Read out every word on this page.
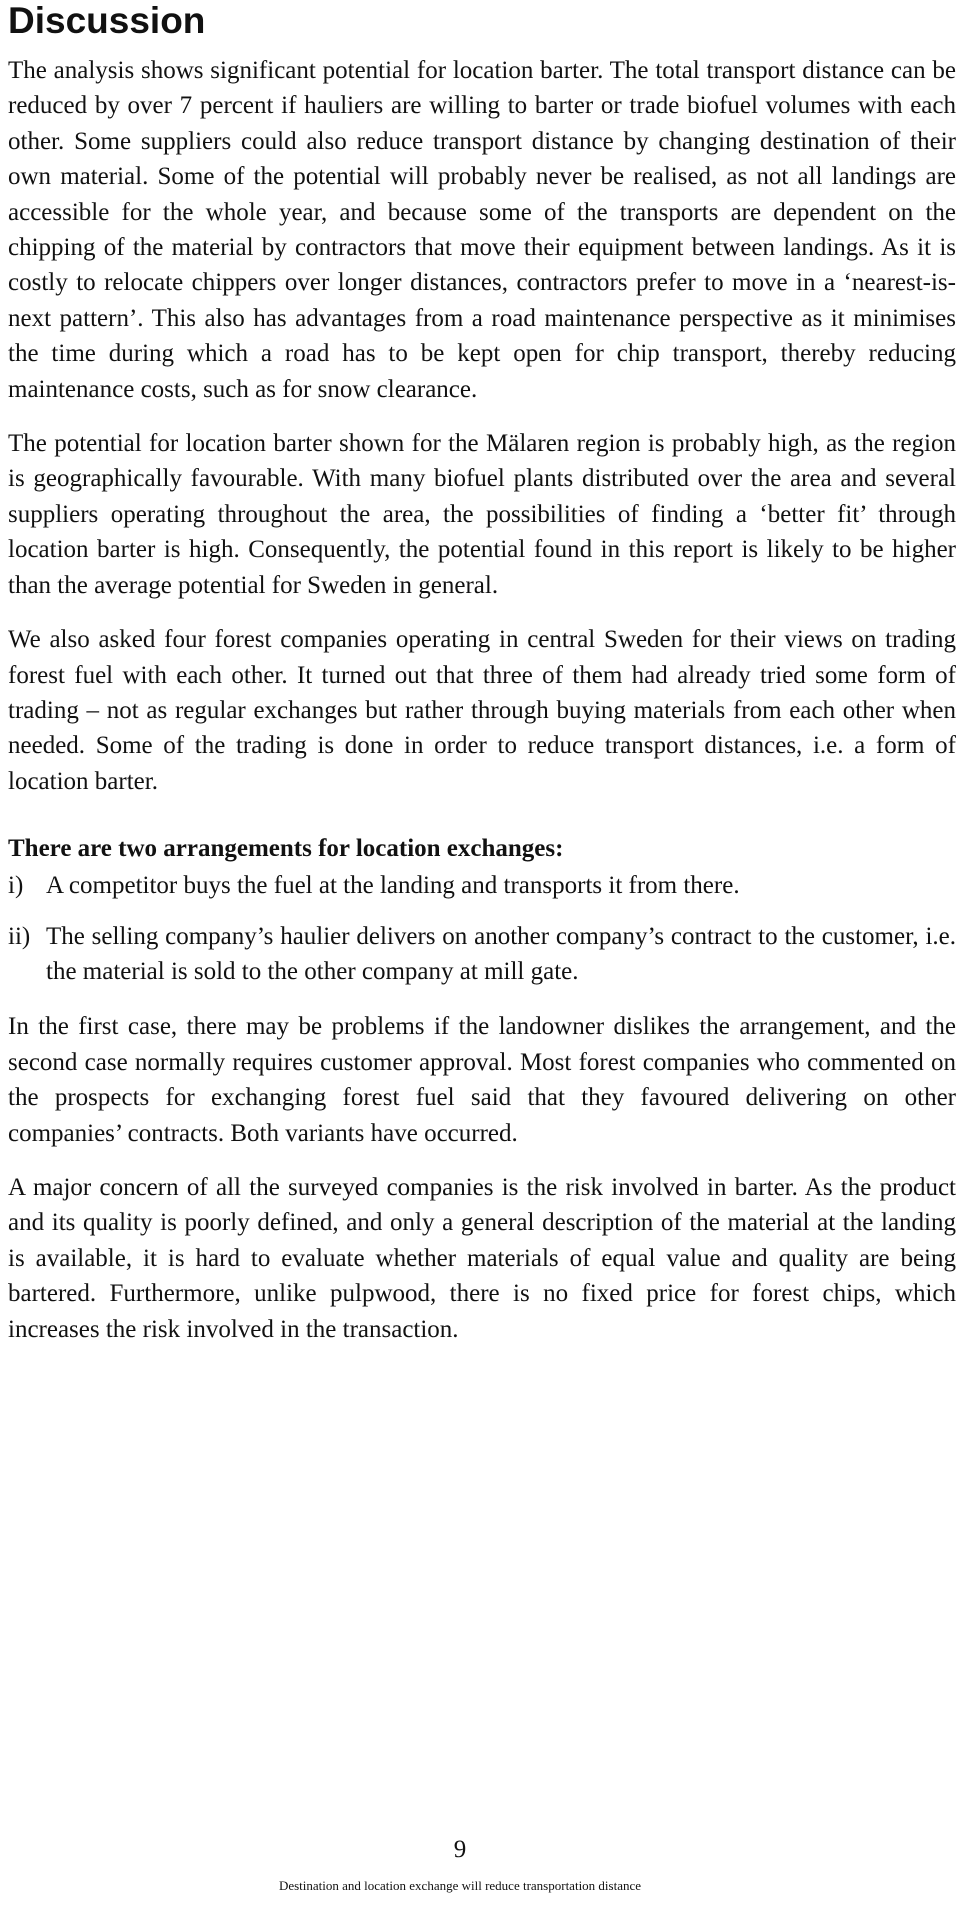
Discussion

The analysis shows significant potential for location barter. The total transport distance can be reduced by over 7 percent if hauliers are willing to barter or trade biofuel volumes with each other. Some suppliers could also reduce transport distance by changing destination of their own material. Some of the potential will probably never be realised, as not all landings are accessible for the whole year, and because some of the transports are dependent on the chipping of the material by contractors that move their equipment between landings. As it is costly to relocate chippers over longer distances, contractors prefer to move in a ‘nearest-is-next pattern’. This also has advantages from a road maintenance perspective as it minimises the time during which a road has to be kept open for chip transport, thereby reducing maintenance costs, such as for snow clearance.

The potential for location barter shown for the Mälaren region is probably high, as the region is geographically favourable. With many biofuel plants distributed over the area and several suppliers operating throughout the area, the possibilities of finding a ‘better fit’ through location barter is high. Consequently, the potential found in this report is likely to be higher than the average potential for Sweden in general.

We also asked four forest companies operating in central Sweden for their views on trading forest fuel with each other. It turned out that three of them had already tried some form of trading – not as regular exchanges but rather through buying materials from each other when needed. Some of the trading is done in order to reduce transport distances, i.e. a form of location barter.

There are two arrangements for location exchanges:
i) A competitor buys the fuel at the landing and transports it from there.
ii) The selling company’s haulier delivers on another company’s contract to the customer, i.e. the material is sold to the other company at mill gate.

In the first case, there may be problems if the landowner dislikes the arrangement, and the second case normally requires customer approval. Most forest companies who commented on the prospects for exchanging forest fuel said that they favoured delivering on other companies’ contracts. Both variants have occurred.

A major concern of all the surveyed companies is the risk involved in barter. As the product and its quality is poorly defined, and only a general description of the material at the landing is available, it is hard to evaluate whether materials of equal value and quality are being bartered. Furthermore, unlike pulpwood, there is no fixed price for forest chips, which increases the risk involved in the transaction.

9

Destination and location exchange will reduce transportation distance
